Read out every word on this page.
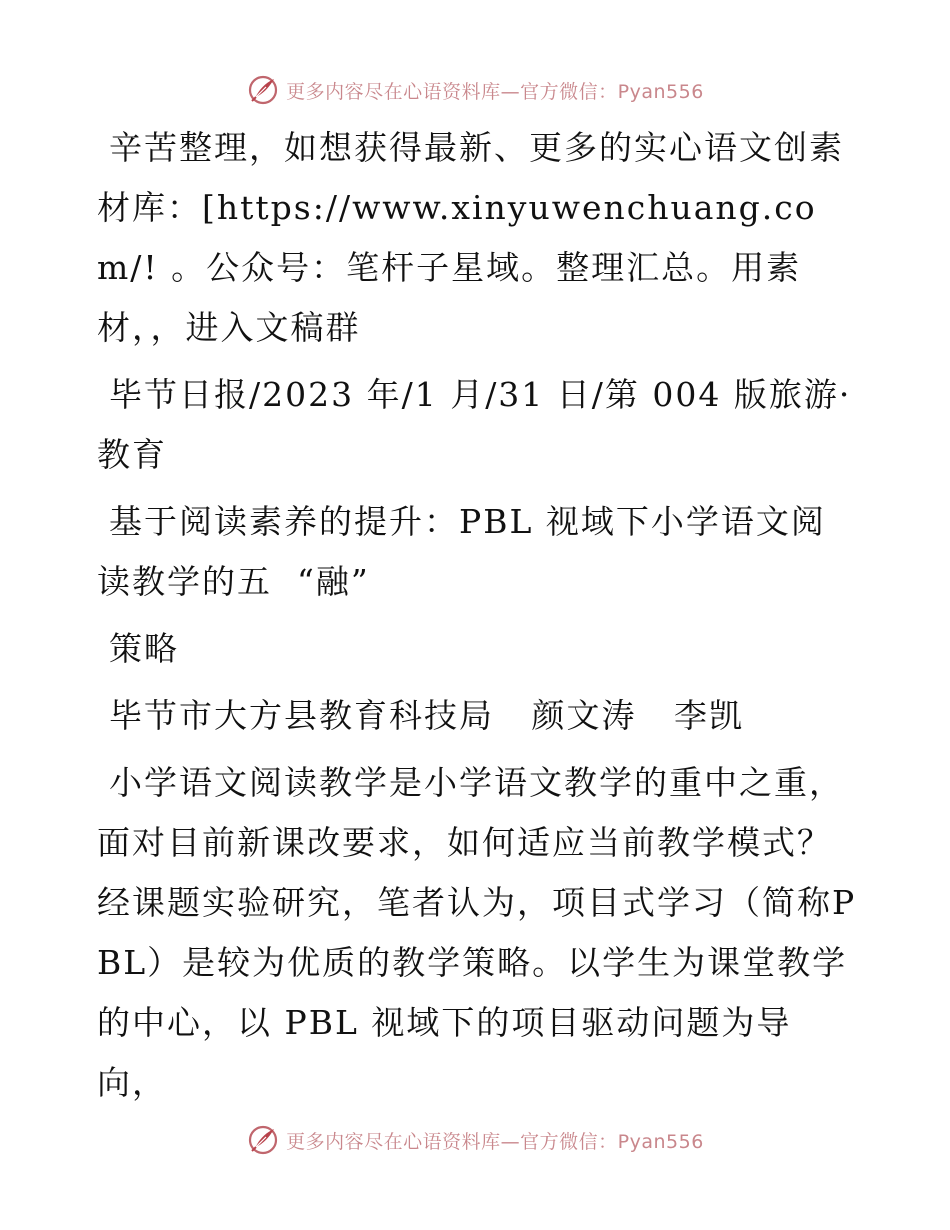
更多内容尽在心语资料库—官方微信：Pyan556

辛苦整理，如想获得最新、更多的实心语文创素材库：[https://www.xinyuwenchuang.com/! 。公众号：笔杆子星域。整理汇总。用素材，，进入文稿群

毕节日报/2023 年/1 月/31 日/第 004 版旅游·教育

基于阅读素养的提升：PBL 视域下小学语文阅读教学的五  “融”

策略

毕节市大方县教育科技局   颜文涛   李凯

小学语文阅读教学是小学语文教学的重中之重，面对目前新课改要求，如何适应当前教学模式？经课题实验研究，笔者认为，项目式学习（简称PBL）是较为优质的教学策略。以学生为课堂教学的中心，以 PBL 视域下的项目驱动问题为导向，

更多内容尽在心语资料库—官方微信：Pyan556
